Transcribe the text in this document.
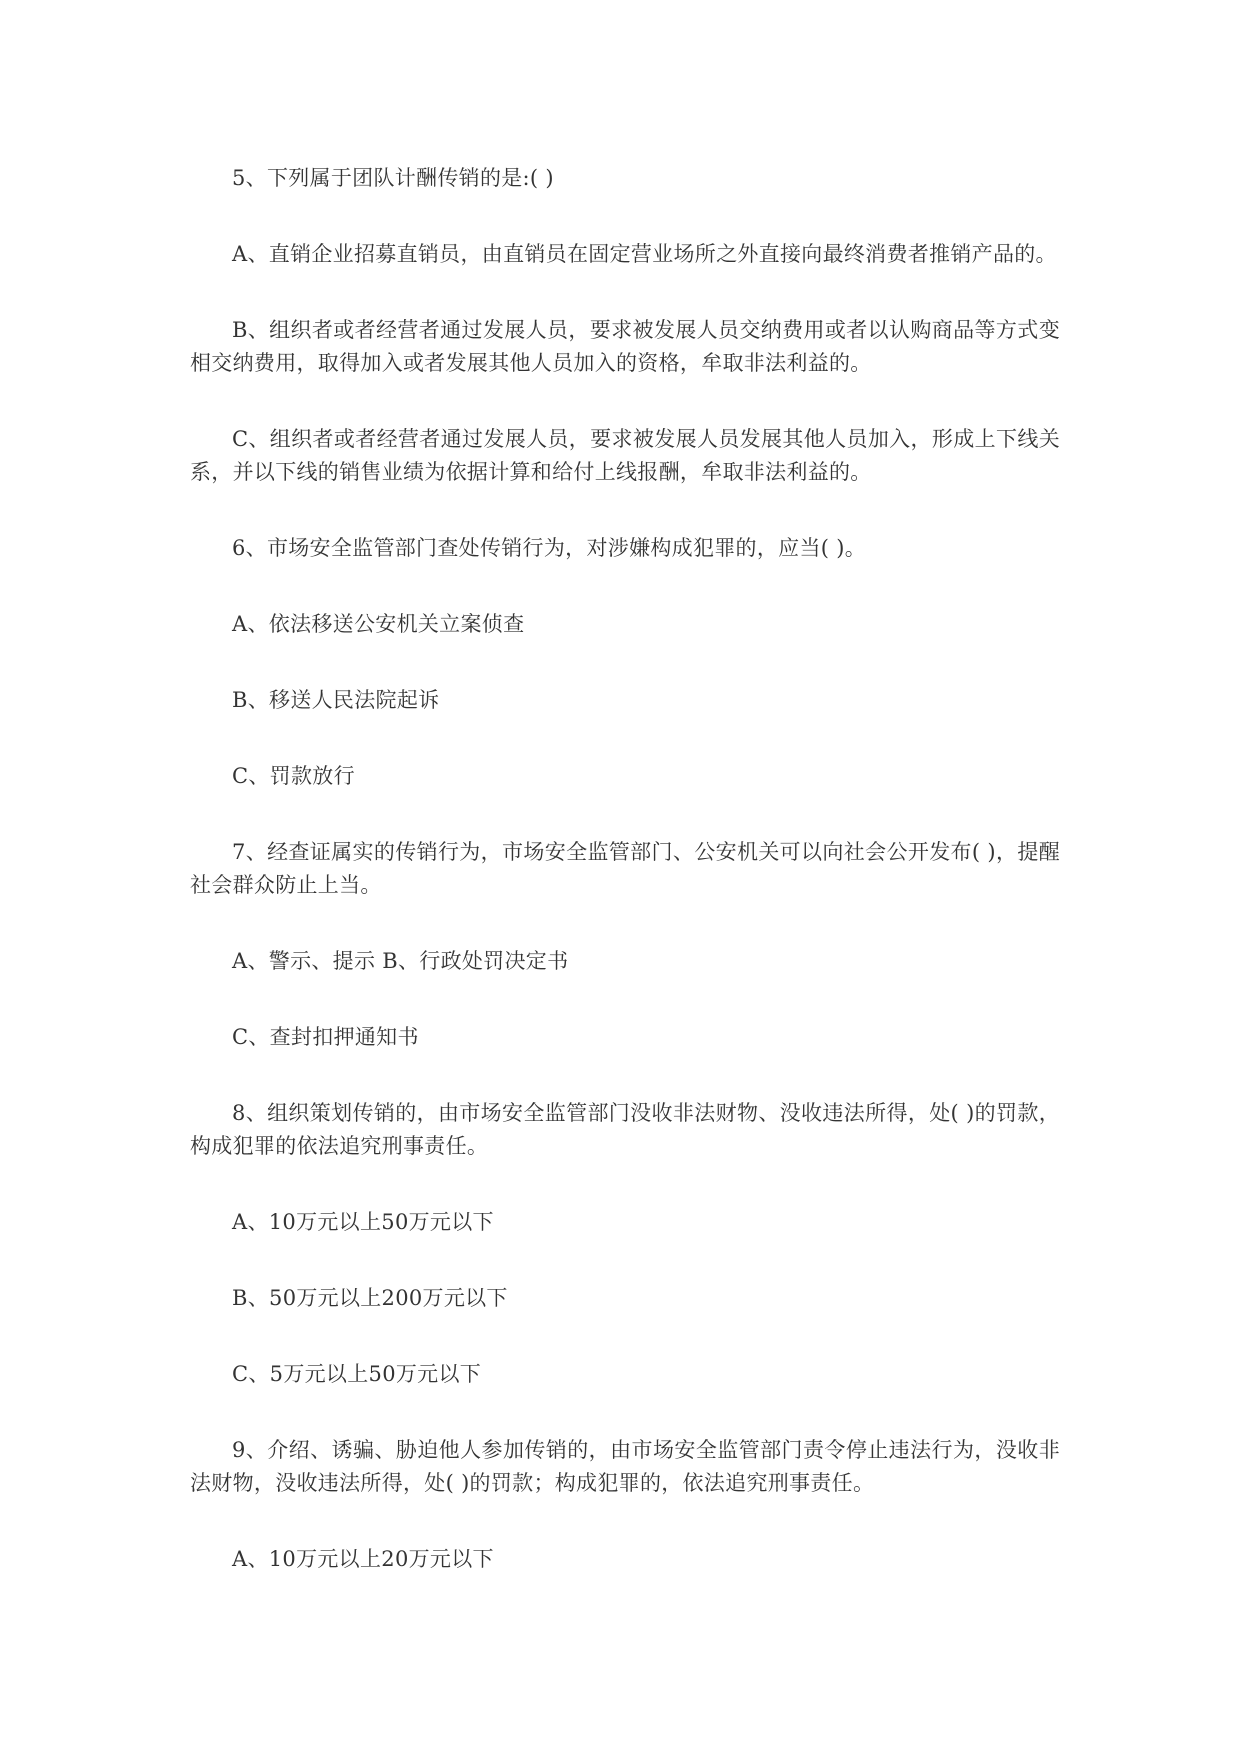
5、下列属于团队计酬传销的是:( )

A、直销企业招募直销员，由直销员在固定营业场所之外直接向最终消费者推销产品的。

B、组织者或者经营者通过发展人员，要求被发展人员交纳费用或者以认购商品等方式变相交纳费用，取得加入或者发展其他人员加入的资格，牟取非法利益的。

C、组织者或者经营者通过发展人员，要求被发展人员发展其他人员加入，形成上下线关系，并以下线的销售业绩为依据计算和给付上线报酬，牟取非法利益的。

6、市场安全监管部门查处传销行为，对涉嫌构成犯罪的，应当( )。

A、依法移送公安机关立案侦查

B、移送人民法院起诉

C、罚款放行

7、经查证属实的传销行为，市场安全监管部门、公安机关可以向社会公开发布( )，提醒社会群众防止上当。

A、警示、提示 B、行政处罚决定书

C、查封扣押通知书

8、组织策划传销的，由市场安全监管部门没收非法财物、没收违法所得，处( )的罚款，构成犯罪的依法追究刑事责任。

A、10万元以上50万元以下

B、50万元以上200万元以下

C、5万元以上50万元以下

9、介绍、诱骗、胁迫他人参加传销的，由市场安全监管部门责令停止违法行为，没收非法财物，没收违法所得，处( )的罚款；构成犯罪的，依法追究刑事责任。

A、10万元以上20万元以下
